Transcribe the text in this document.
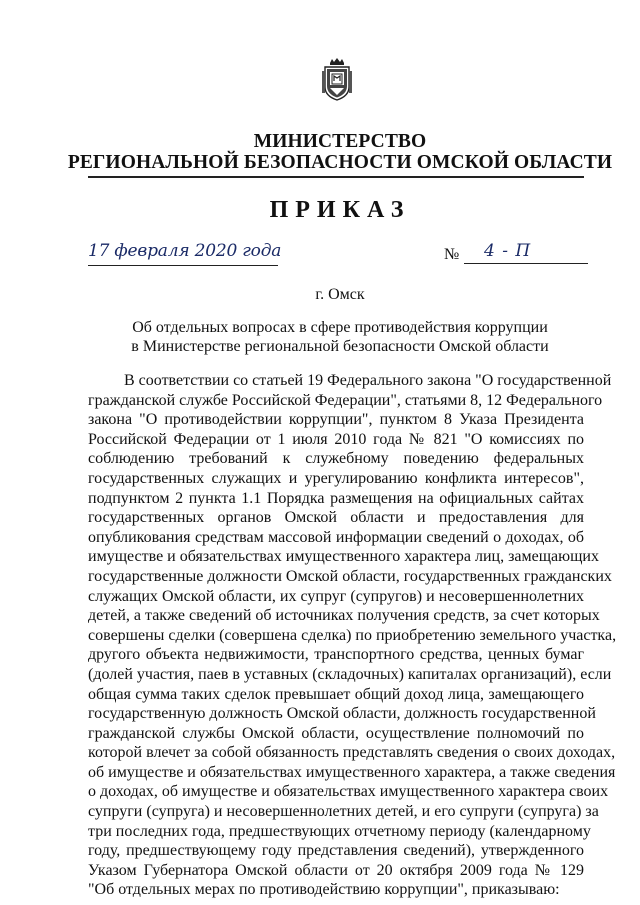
МИНИСТЕРСТВО
РЕГИОНАЛЬНОЙ БЕЗОПАСНОСТИ ОМСКОЙ ОБЛАСТИ
ПРИКАЗ
17 февраля 2020 года	№	4 - П
г. Омск
Об отдельных вопросах в сфере противодействия коррупции
в Министерстве региональной безопасности Омской области
В соответствии со статьей 19 Федерального закона "О государственной
гражданской службе Российской Федерации", статьями 8, 12 Федерального
закона "О противодействии коррупции", пунктом 8 Указа Президента
Российской Федерации от 1 июля 2010 года № 821 "О комиссиях по
соблюдению требований к служебному поведению федеральных
государственных служащих и урегулированию конфликта интересов",
подпунктом 2 пункта 1.1 Порядка размещения на официальных сайтах
государственных органов Омской области и предоставления для
опубликования средствам массовой информации сведений о доходах, об
имуществе и обязательствах имущественного характера лиц, замещающих
государственные должности Омской области, государственных гражданских
служащих Омской области, их супруг (супругов) и несовершеннолетних
детей, а также сведений об источниках получения средств, за счет которых
совершены сделки (совершена сделка) по приобретению земельного участка,
другого объекта недвижимости, транспортного средства, ценных бумаг
(долей участия, паев в уставных (складочных) капиталах организаций), если
общая сумма таких сделок превышает общий доход лица, замещающего
государственную должность Омской области, должность государственной
гражданской службы Омской области, осуществление полномочий по
которой влечет за собой обязанность представлять сведения о своих доходах,
об имуществе и обязательствах имущественного характера, а также сведения
о доходах, об имуществе и обязательствах имущественного характера своих
супруги (супруга) и несовершеннолетних детей, и его супруги (супруга) за
три последних года, предшествующих отчетному периоду (календарному
году, предшествующему году представления сведений), утвержденного
Указом Губернатора Омской области от 20 октября 2009 года № 129
"Об отдельных мерах по противодействию коррупции", приказываю:
